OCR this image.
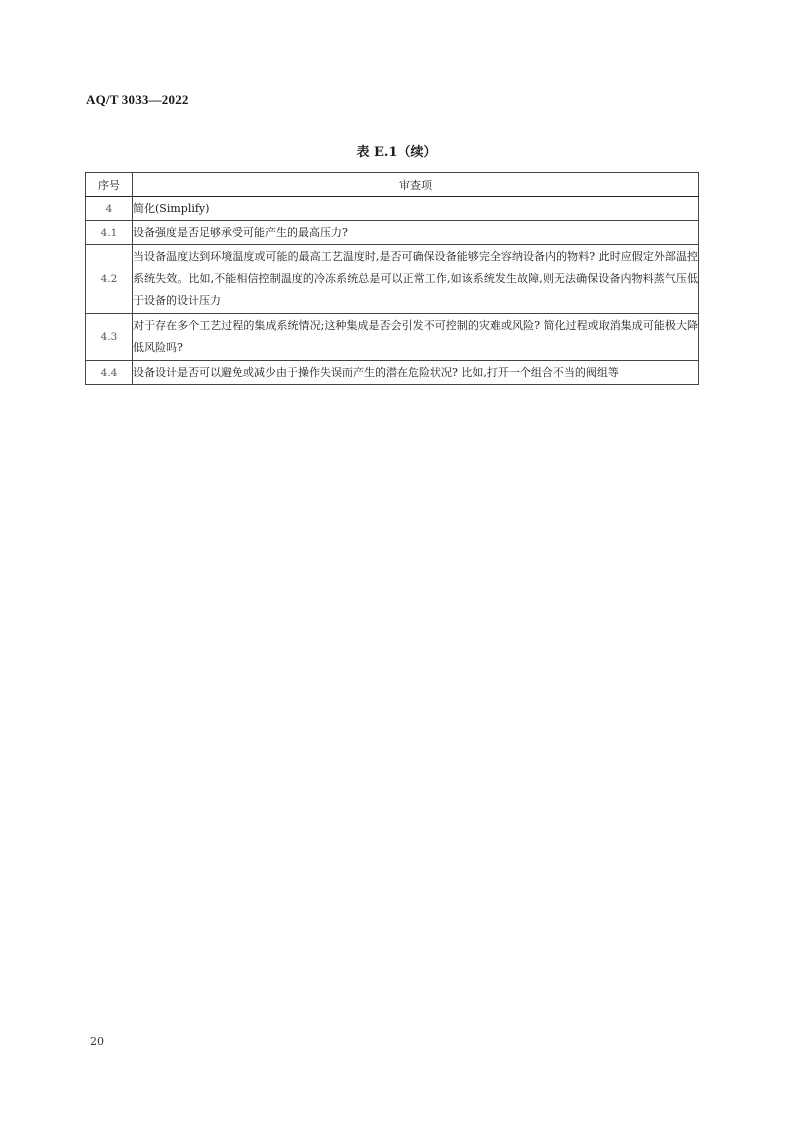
AQ/T 3033—2022
表 E.1（续）
序号	审查项
4	简化(Simplify)
4.1	设备强度是否足够承受可能产生的最高压力?
4.2	当设备温度达到环境温度或可能的最高工艺温度时,是否可确保设备能够完全容纳设备内的物料? 此时应假定外部温控系统失效。比如,不能相信控制温度的冷冻系统总是可以正常工作,如该系统发生故障,则无法确保设备内物料蒸气压低于设备的设计压力
4.3	对于存在多个工艺过程的集成系统情况;这种集成是否会引发不可控制的灾难或风险? 简化过程或取消集成可能极大降低风险吗?
4.4	设备设计是否可以避免或减少由于操作失误而产生的潜在危险状况? 比如,打开一个组合不当的阀组等
20
